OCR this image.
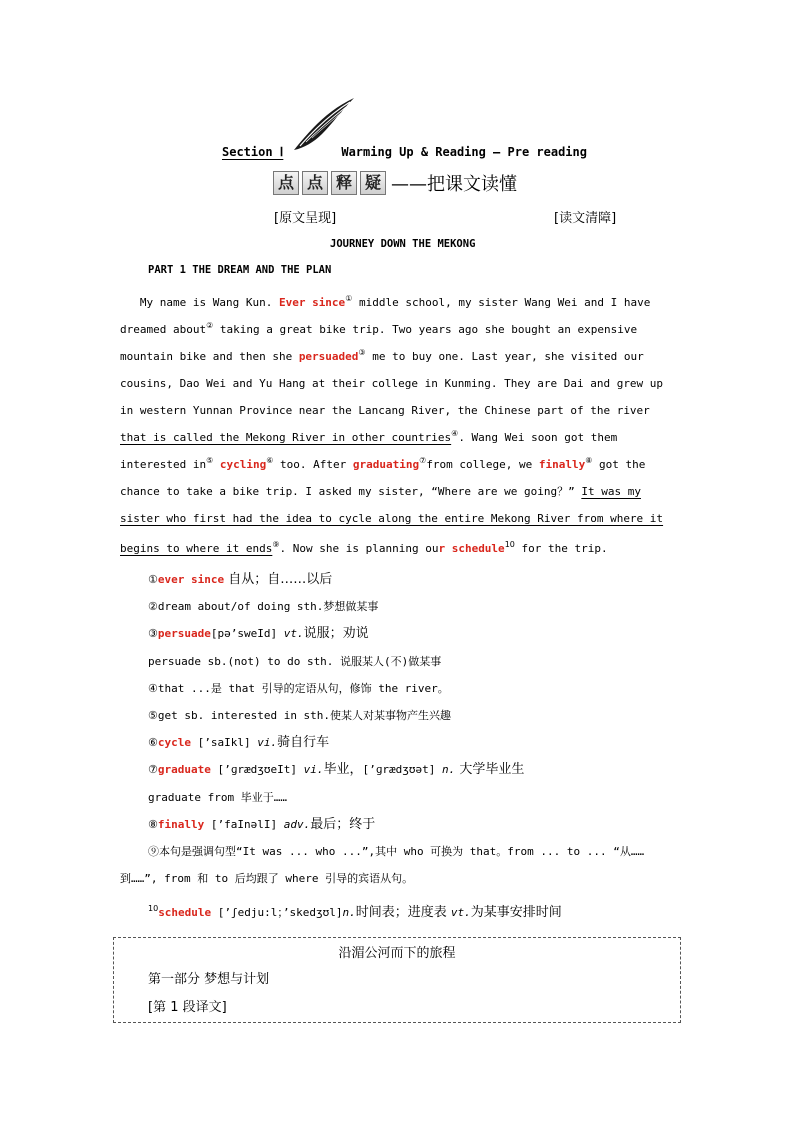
Section Ⅰ	Warming Up & Reading — Pre reading
点 点 释 疑 ——把课文读懂
[原文呈现]	[读文清障]
JOURNEY DOWN THE MEKONG
PART 1 THE DREAM AND THE PLAN
My name is Wang Kun. Ever since① middle school, my sister Wang Wei and I have
dreamed about② taking a great bike trip. Two years ago she bought an expensive
mountain bike and then she persuaded③ me to buy one. Last year, she visited our
cousins, Dao Wei and Yu Hang at their college in Kunming. They are Dai and grew up
in western Yunnan Province near the Lancang River, the Chinese part of the river
that is called the Mekong River in other countries④. Wang Wei soon got them
interested in⑤ cycling⑥ too. After graduating⑦from college, we finally⑧ got the
chance to take a bike trip. I asked my sister, “Where are we going？” It was my
sister who first had the idea to cycle along the entire Mekong River from where it
begins to where it ends⑨. Now she is planning our schedule$^{10}$ for the trip.
①ever since 自从；自……以后
②dream about/of doing sth.梦想做某事
③persuade[pə’sweId] vt.说服；劝说
persuade sb.(not) to do sth. 说服某人(不)做某事
④that ...是 that 引导的定语从句，修饰 the river。
⑤get sb. interested in sth.使某人对某事物产生兴趣
⑥cycle [’saIkl] vi.骑自行车
⑦graduate [’ɡrædʒʊeIt] vi.毕业，[’ɡrædʒʊət] n. 大学毕业生
graduate from 毕业于……
⑧finally [’faInəlI] adv.最后；终于
⑨本句是强调句型“It was ... who ...”,其中 who 可换为 that。from ... to ... “从……
到……”, from 和 to 后均跟了 where 引导的宾语从句。
$^{10}$schedule [’ʃedju:l；’skedʒʊl]n.时间表；进度表 vt.为某事安排时间
沿湄公河而下的旅程
第一部分 梦想与计划
[第 1 段译文]
